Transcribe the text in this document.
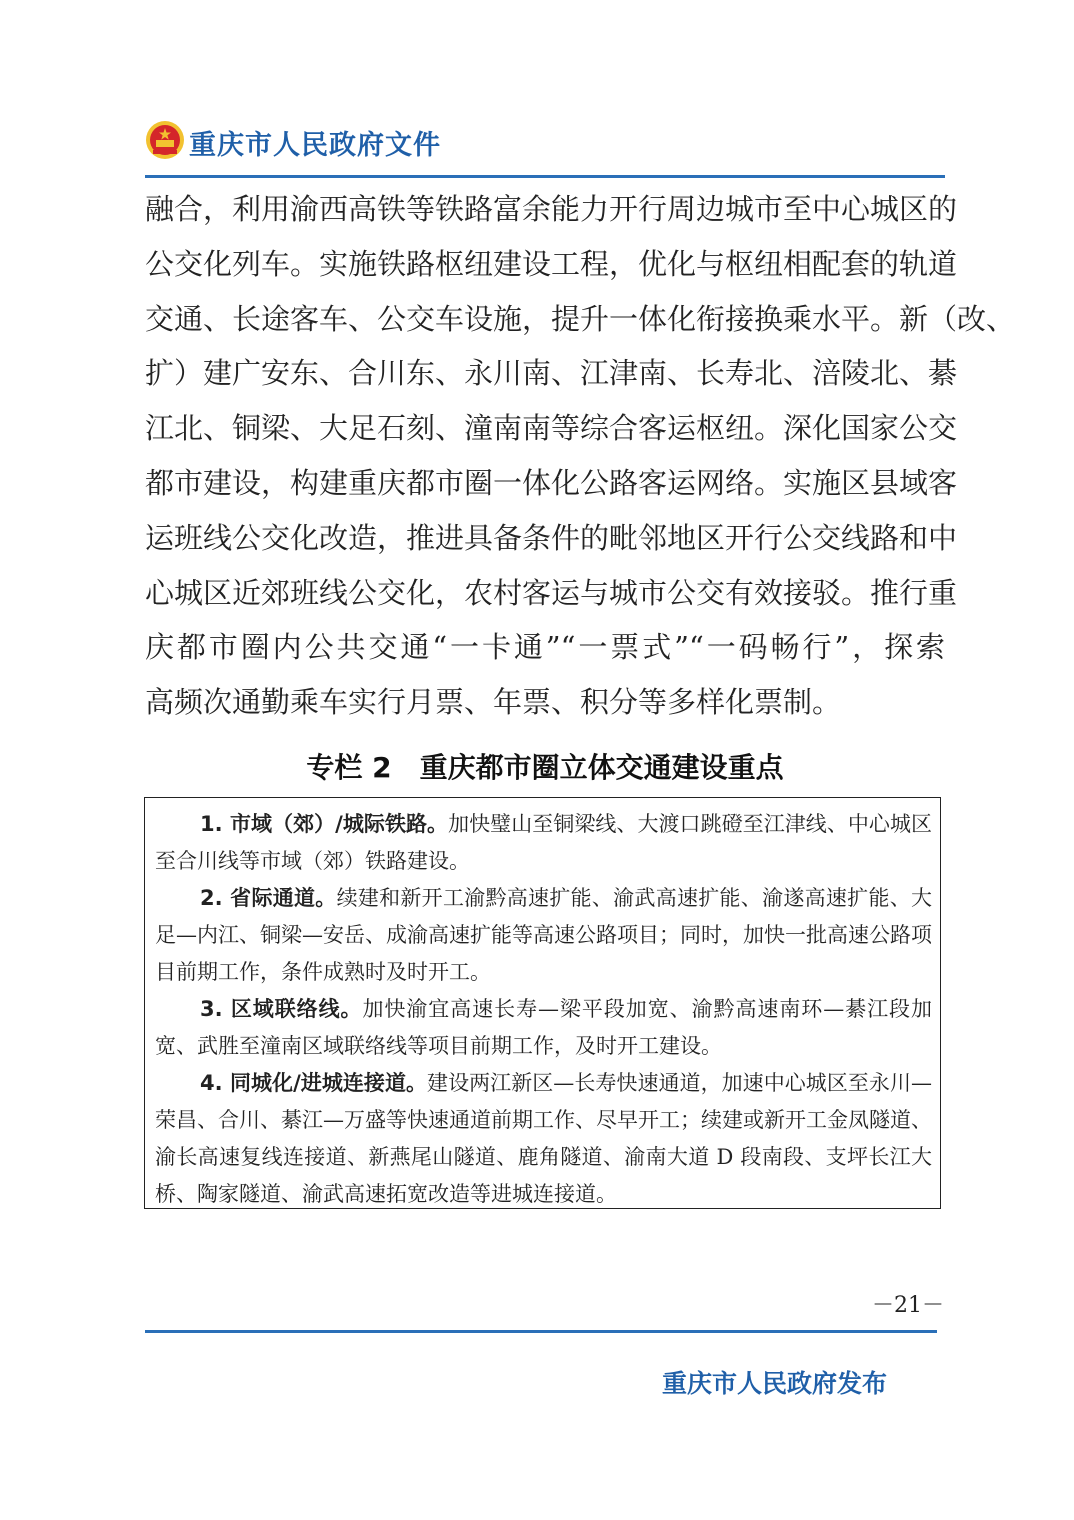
重庆市人民政府文件
融合，利用渝西高铁等铁路富余能力开行周边城市至中心城区的
公交化列车。实施铁路枢纽建设工程，优化与枢纽相配套的轨道
交通、长途客车、公交车设施，提升一体化衔接换乘水平。新（改、
扩）建广安东、合川东、永川南、江津南、长寿北、涪陵北、綦
江北、铜梁、大足石刻、潼南南等综合客运枢纽。深化国家公交
都市建设，构建重庆都市圈一体化公路客运网络。实施区县域客
运班线公交化改造，推进具备条件的毗邻地区开行公交线路和中
心城区近郊班线公交化，农村客运与城市公交有效接驳。推行重
庆都市圈内公共交通“一卡通”“一票式”“一码畅行”，探索
高频次通勤乘车实行月票、年票、积分等多样化票制。
专栏 2　重庆都市圈立体交通建设重点
1. 市域（郊）/城际铁路。加快璧山至铜梁线、大渡口跳磴至江津线、中心城区至合川线等市域（郊）铁路建设。
2. 省际通道。续建和新开工渝黔高速扩能、渝武高速扩能、渝遂高速扩能、大足—内江、铜梁—安岳、成渝高速扩能等高速公路项目；同时，加快一批高速公路项目前期工作，条件成熟时及时开工。
3. 区域联络线。加快渝宜高速长寿—梁平段加宽、渝黔高速南环—綦江段加宽、武胜至潼南区域联络线等项目前期工作，及时开工建设。
4. 同城化/进城连接道。建设两江新区—长寿快速通道，加速中心城区至永川—荣昌、合川、綦江—万盛等快速通道前期工作、尽早开工；续建或新开工金凤隧道、渝长高速复线连接道、新燕尾山隧道、鹿角隧道、渝南大道 D 段南段、支坪长江大桥、陶家隧道、渝武高速拓宽改造等进城连接道。
－21－
重庆市人民政府发布
